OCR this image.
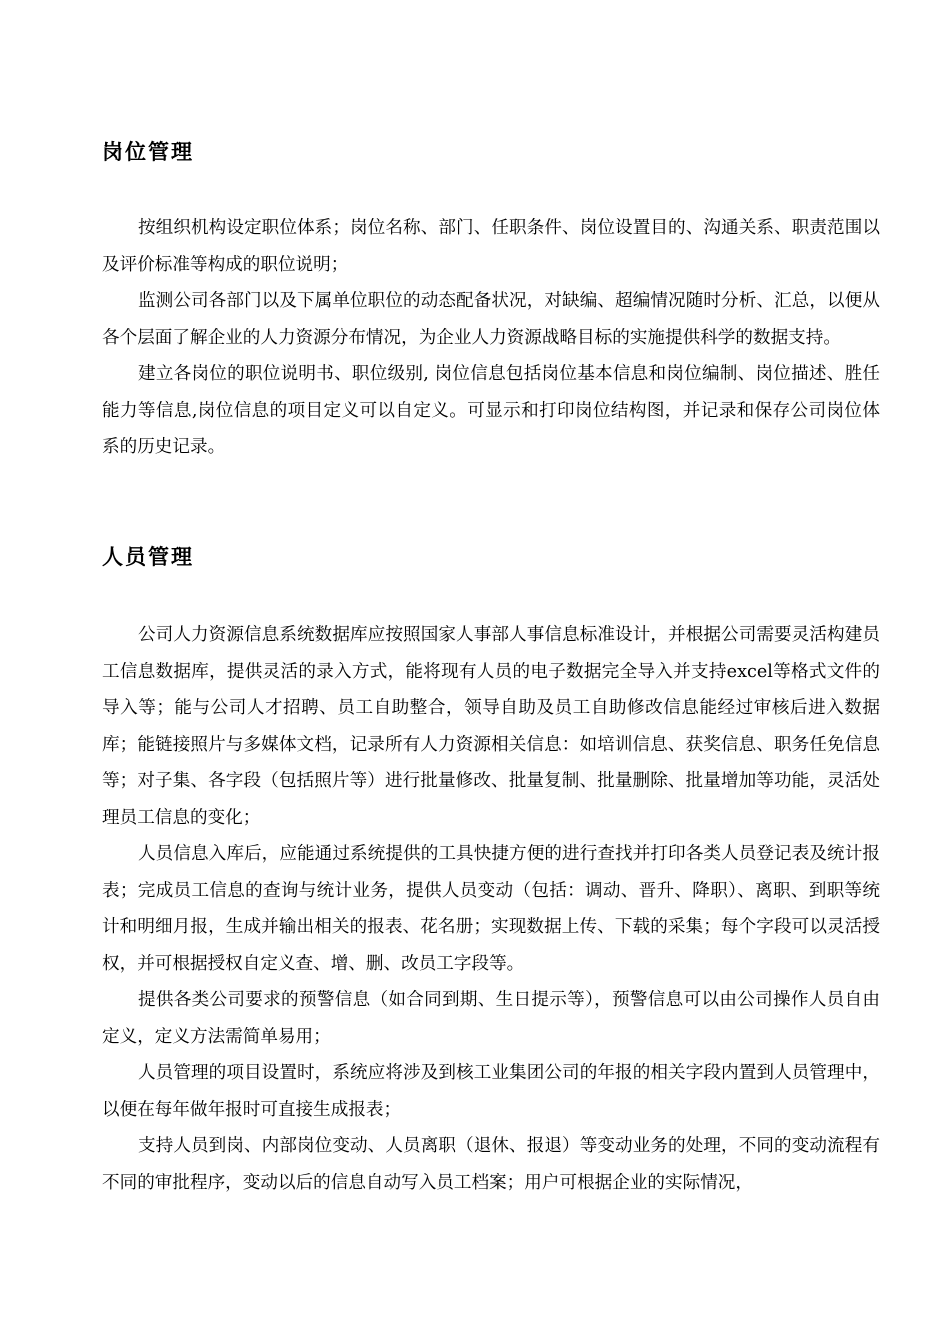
岗位管理

按组织机构设定职位体系；岗位名称、部门、任职条件、岗位设置目的、沟通关系、职责范围以及评价标准等构成的职位说明；

监测公司各部门以及下属单位职位的动态配备状况，对缺编、超编情况随时分析、汇总，以便从各个层面了解企业的人力资源分布情况，为企业人力资源战略目标的实施提供科学的数据支持。

建立各岗位的职位说明书、职位级别, 岗位信息包括岗位基本信息和岗位编制、岗位描述、胜任能力等信息,岗位信息的项目定义可以自定义。可显示和打印岗位结构图，并记录和保存公司岗位体系的历史记录。

人员管理

公司人力资源信息系统数据库应按照国家人事部人事信息标准设计，并根据公司需要灵活构建员工信息数据库，提供灵活的录入方式，能将现有人员的电子数据完全导入并支持excel等格式文件的导入等；能与公司人才招聘、员工自助整合，领导自助及员工自助修改信息能经过审核后进入数据库；能链接照片与多媒体文档，记录所有人力资源相关信息：如培训信息、获奖信息、职务任免信息等；对子集、各字段（包括照片等）进行批量修改、批量复制、批量删除、批量增加等功能，灵活处理员工信息的变化；

人员信息入库后，应能通过系统提供的工具快捷方便的进行查找并打印各类人员登记表及统计报表；完成员工信息的查询与统计业务，提供人员变动（包括：调动、晋升、降职）、离职、到职等统计和明细月报，生成并输出相关的报表、花名册；实现数据上传、下载的采集；每个字段可以灵活授权，并可根据授权自定义查、增、删、改员工字段等。

提供各类公司要求的预警信息（如合同到期、生日提示等），预警信息可以由公司操作人员自由定义，定义方法需简单易用；

人员管理的项目设置时，系统应将涉及到核工业集团公司的年报的相关字段内置到人员管理中，以便在每年做年报时可直接生成报表；

支持人员到岗、内部岗位变动、人员离职（退休、报退）等变动业务的处理，不同的变动流程有不同的审批程序，变动以后的信息自动写入员工档案；用户可根据企业的实际情况，
